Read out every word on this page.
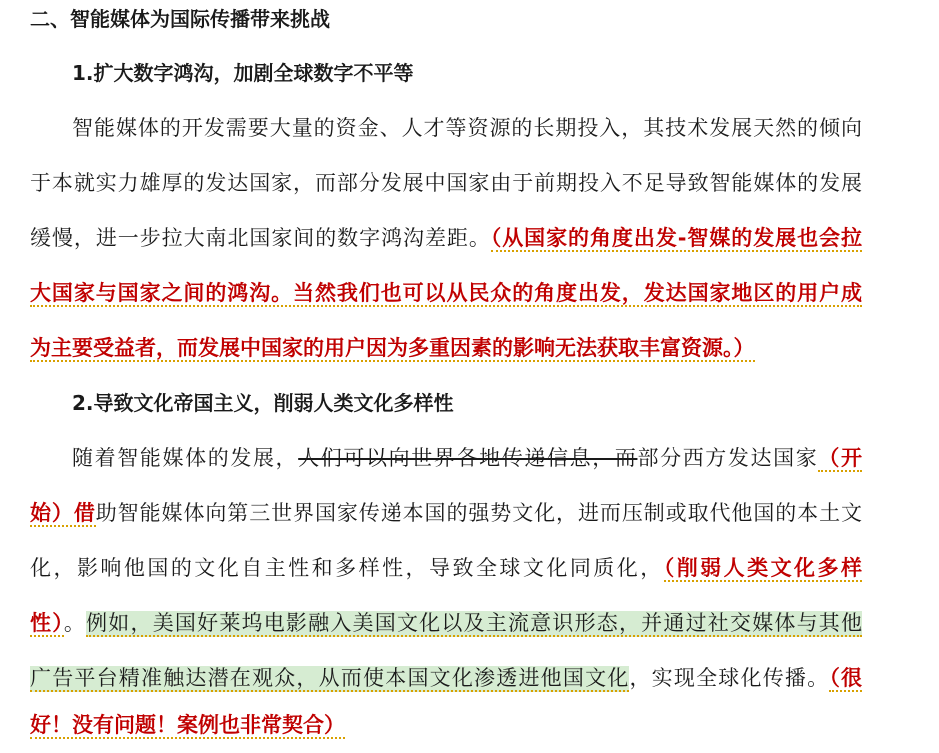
二、智能媒体为国际传播带来挑战
1.扩大数字鸿沟，加剧全球数字不平等
智能媒体的开发需要大量的资金、人才等资源的长期投入，其技术发展天然的倾向
于本就实力雄厚的发达国家，而部分发展中国家由于前期投入不足导致智能媒体的发展
缓慢，进一步拉大南北国家间的数字鸿沟差距。（从国家的角度出发-智媒的发展也会拉
大国家与国家之间的鸿沟。当然我们也可以从民众的角度出发，发达国家地区的用户成
为主要受益者，而发展中国家的用户因为多重因素的影响无法获取丰富资源。）
2.导致文化帝国主义，削弱人类文化多样性
随着智能媒体的发展，人们可以向世界各地传递信息，而部分西方发达国家（开
始）借助智能媒体向第三世界国家传递本国的强势文化，进而压制或取代他国的本土文
化，影响他国的文化自主性和多样性，导致全球文化同质化，（削弱人类文化多样
性）。例如，美国好莱坞电影融入美国文化以及主流意识形态，并通过社交媒体与其他
广告平台精准触达潜在观众，从而使本国文化渗透进他国文化，实现全球化传播。（很
好！没有问题！案例也非常契合）
